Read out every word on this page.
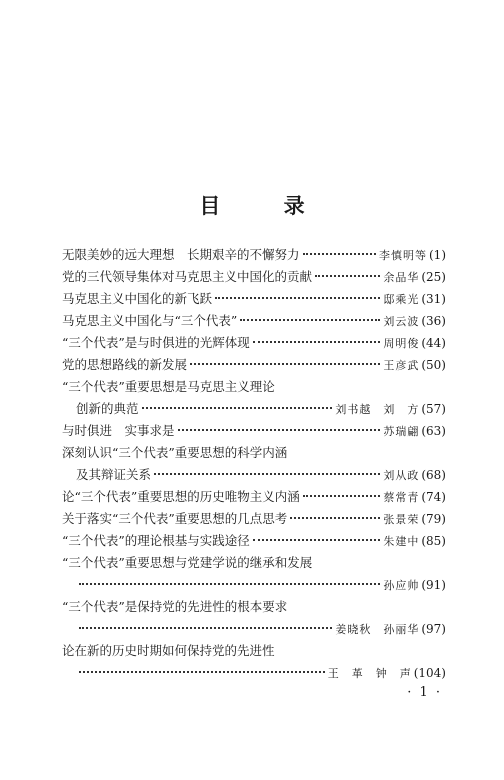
目 录
无限美妙的远大理想　长期艰辛的不懈努力	李慎明等 (1)
党的三代领导集体对马克思主义中国化的贡献	余品华 (25)
马克思主义中国化的新飞跃	邸乘光 (31)
马克思主义中国化与“三个代表”	刘云波 (36)
“三个代表”是与时俱进的光辉体现	周明俊 (44)
党的思想路线的新发展	王彦武 (50)
“三个代表”重要思想是马克思主义理论
创新的典范	刘书越　刘　方 (57)
与时俱进　实事求是	苏瑞翩 (63)
深刻认识“三个代表”重要思想的科学内涵
及其辩证关系	刘从政 (68)
论“三个代表”重要思想的历史唯物主义内涵	蔡常青 (74)
关于落实“三个代表”重要思想的几点思考	张景荣 (79)
“三个代表”的理论根基与实践途径	朱建中 (85)
“三个代表”重要思想与党建学说的继承和发展
孙应帅 (91)
“三个代表”是保持党的先进性的根本要求
姜晓秋　孙丽华 (97)
论在新的历史时期如何保持党的先进性
王　革　钟　声 (104)
· 1 ·
